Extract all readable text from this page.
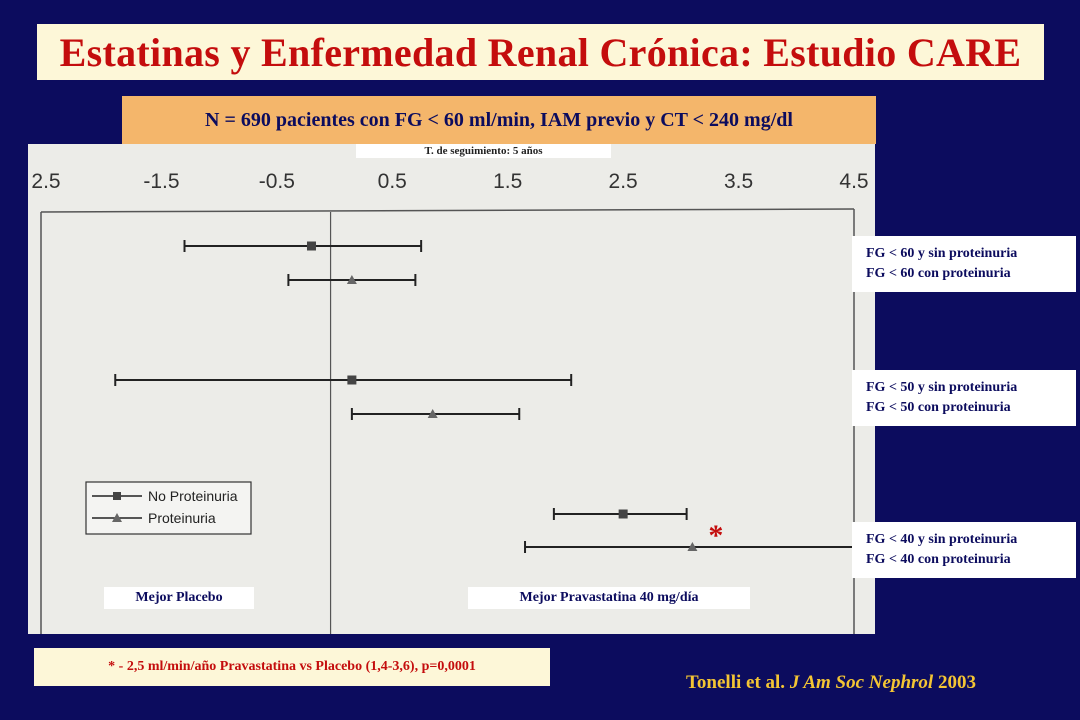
Estatinas y Enfermedad Renal Crónica: Estudio CARE
N = 690 pacientes con FG < 60 ml/min, IAM previo y CT < 240 mg/dl
2.5	-1.5	-0.5	0.5	1.5	2.5	3.5	4.5
*
No Proteinuria
Proteinuria
T. de seguimiento: 5 años
FG < 60 y sin proteinuria
FG < 60 con proteinuria
FG < 50 y sin proteinuria
FG < 50 con proteinuria
FG < 40 y sin proteinuria
FG < 40 con proteinuria
Mejor Placebo	Mejor Pravastatina 40 mg/día
* - 2,5 ml/min/año Pravastatina vs Placebo (1,4-3,6), p=0,0001
Tonelli et al. J Am Soc Nephrol 2003
